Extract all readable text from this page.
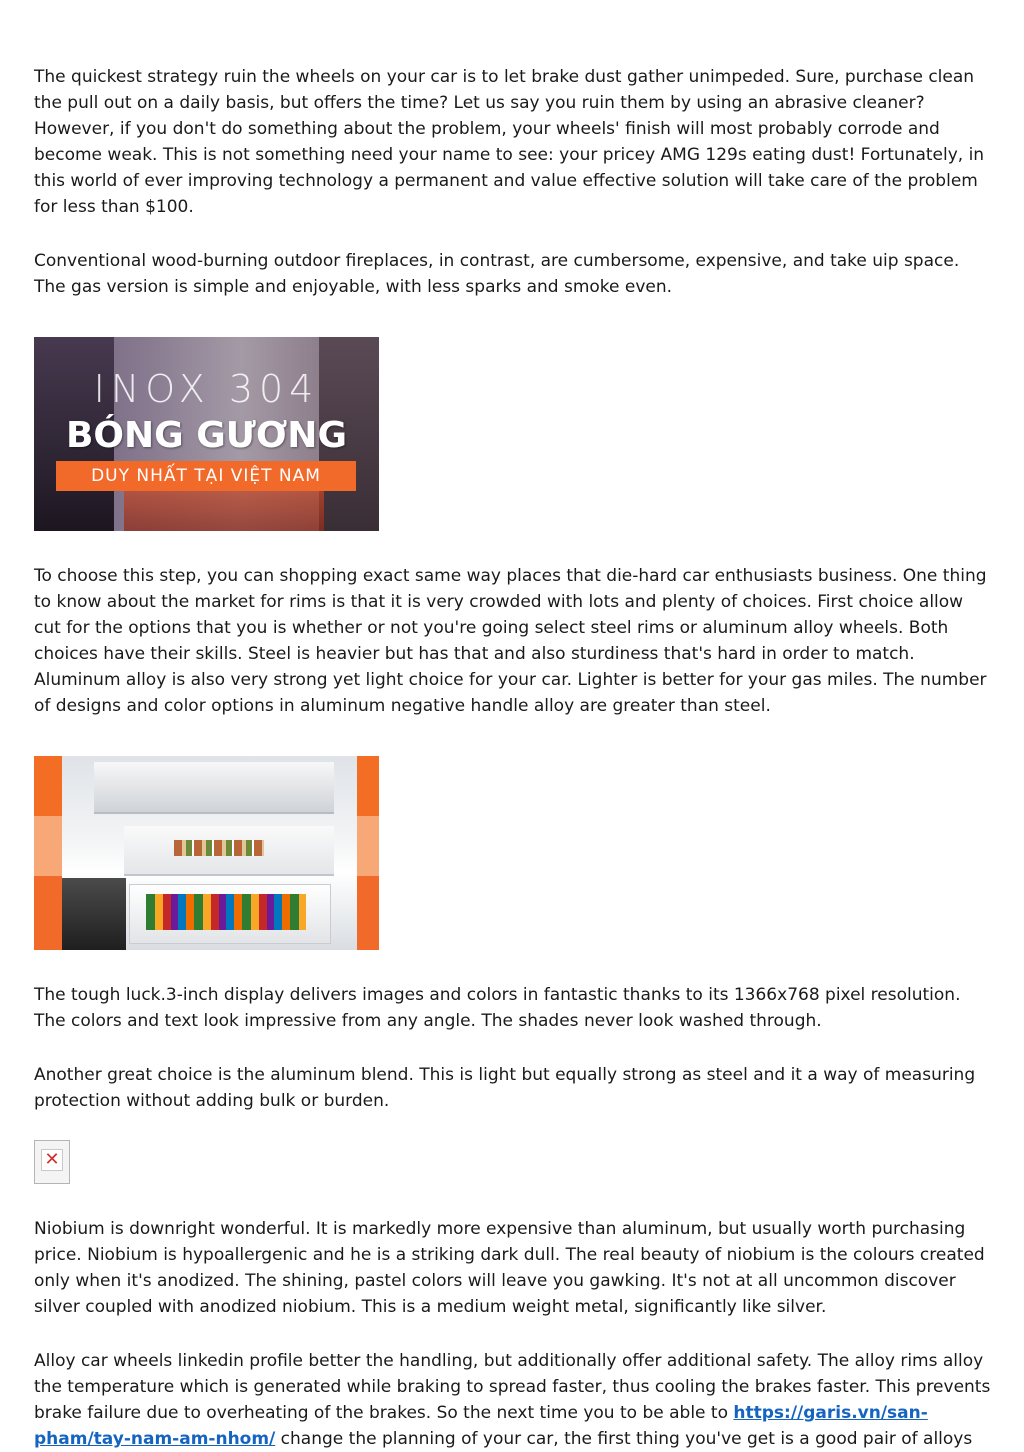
The quickest strategy ruin the wheels on your car is to let brake dust gather unimpeded. Sure, purchase clean the pull out on a daily basis, but offers the time? Let us say you ruin them by using an abrasive cleaner? However, if you don't do something about the problem, your wheels' finish will most probably corrode and become weak. This is not something need your name to see: your pricey AMG 129s eating dust! Fortunately, in this world of ever improving technology a permanent and value effective solution will take care of the problem for less than $100.

Conventional wood-burning outdoor fireplaces, in contrast, are cumbersome, expensive, and take uip space. The gas version is simple and enjoyable, with less sparks and smoke even.

INOX 304
BÓNG GƯƠNG
DUY NHẤT TẠI VIỆT NAM

To choose this step, you can shopping exact same way places that die-hard car enthusiasts business. One thing to know about the market for rims is that it is very crowded with lots and plenty of choices. First choice allow cut for the options that you is whether or not you're going select steel rims or aluminum alloy wheels. Both choices have their skills. Steel is heavier but has that and also sturdiness that's hard in order to match. Aluminum alloy is also very strong yet light choice for your car. Lighter is better for your gas miles. The number of designs and color options in aluminum negative handle alloy are greater than steel.

The tough luck.3-inch display delivers images and colors in fantastic thanks to its 1366x768 pixel resolution. The colors and text look impressive from any angle. The shades never look washed through.

Another great choice is the aluminum blend. This is light but equally strong as steel and it a way of measuring protection without adding bulk or burden.

✕

Niobium is downright wonderful. It is markedly more expensive than aluminum, but usually worth purchasing price. Niobium is hypoallergenic and he is a striking dark dull. The real beauty of niobium is the colours created only when it's anodized. The shining, pastel colors will leave you gawking. It's not at all uncommon discover silver coupled with anodized niobium. This is a medium weight metal, significantly like silver.

Alloy car wheels linkedin profile better the handling, but additionally offer additional safety. The alloy rims alloy the temperature which is generated while braking to spread faster, thus cooling the brakes faster. This prevents brake failure due to overheating of the brakes. So the next time you to be able to https://garis.vn/san-pham/tay-nam-am-nhom/ change the planning of your car, the first thing you've get is a good pair of alloys
